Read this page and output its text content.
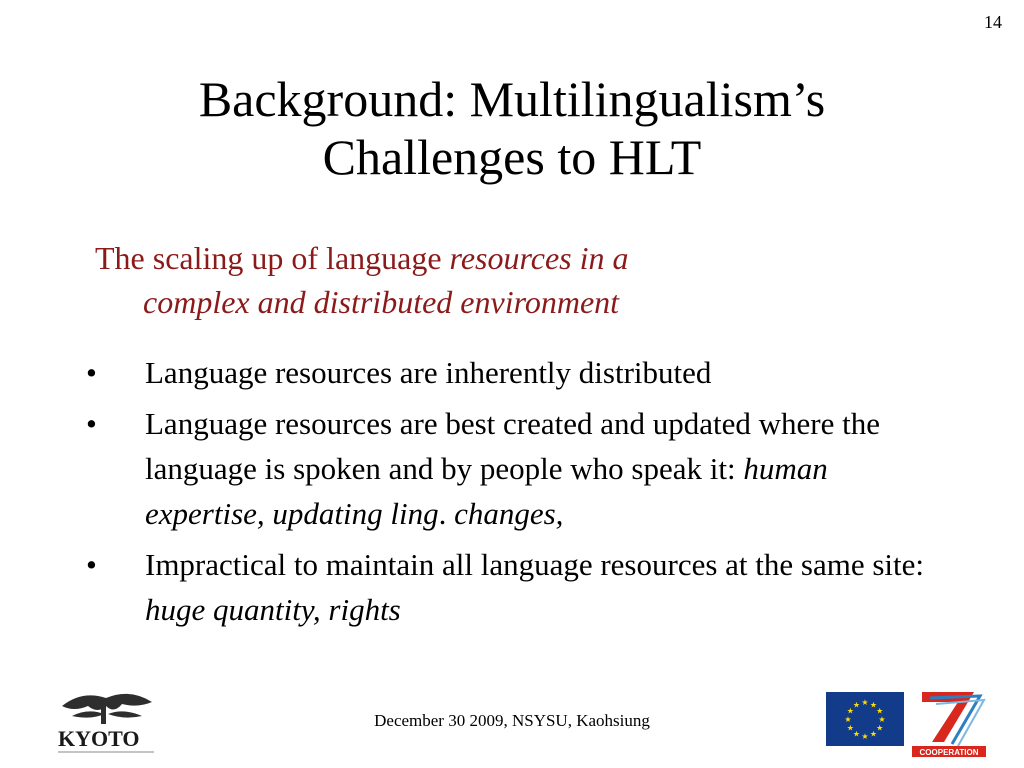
14
Background: Multilingualism’s
Challenges to HLT
The scaling up of language resources in a
complex and distributed environment
• Language resources are inherently distributed
• Language resources are best created and updated where the language is spoken and by people who speak it: human expertise, updating ling. changes,
• Impractical to maintain all language resources at the same site: huge quantity, rights
KYOTO
December 30 2009, NSYSU, Kaohsiung
★ ★
★
★
★
★
★
★
★
★
★
★
COOPERATION
